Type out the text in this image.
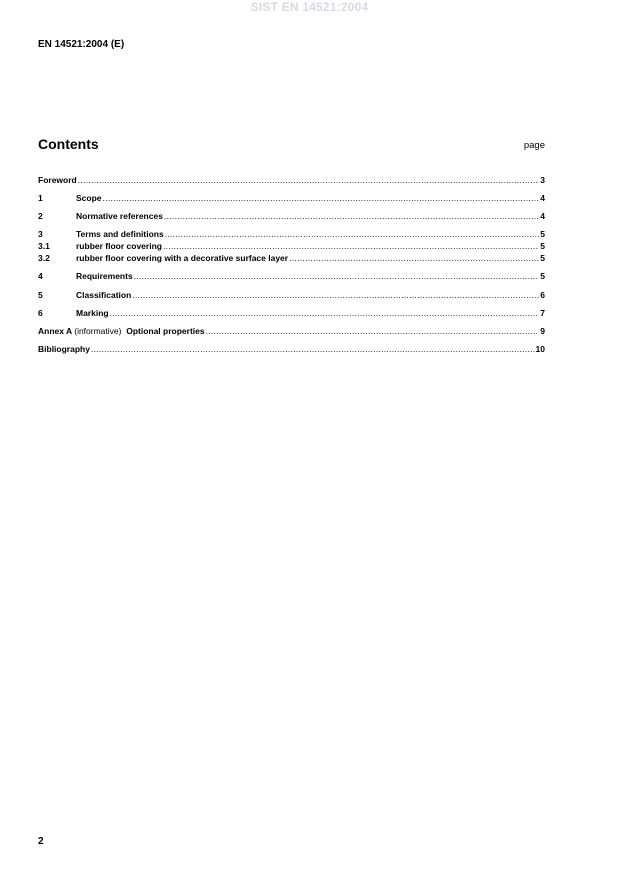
SIST EN 14521:2004
EN 14521:2004 (E)
Contents	page
Foreword .....	3
1	Scope .....	4
2	Normative references .....	4
3	Terms and definitions .....	5
3.1	rubber floor covering .....	5
3.2	rubber floor covering with a decorative surface layer .....	5
4	Requirements .....	5
5	Classification .....	6
6	Marking .....	7
Annex A (informative) Optional properties .....	9
Bibliography .....	10
2
